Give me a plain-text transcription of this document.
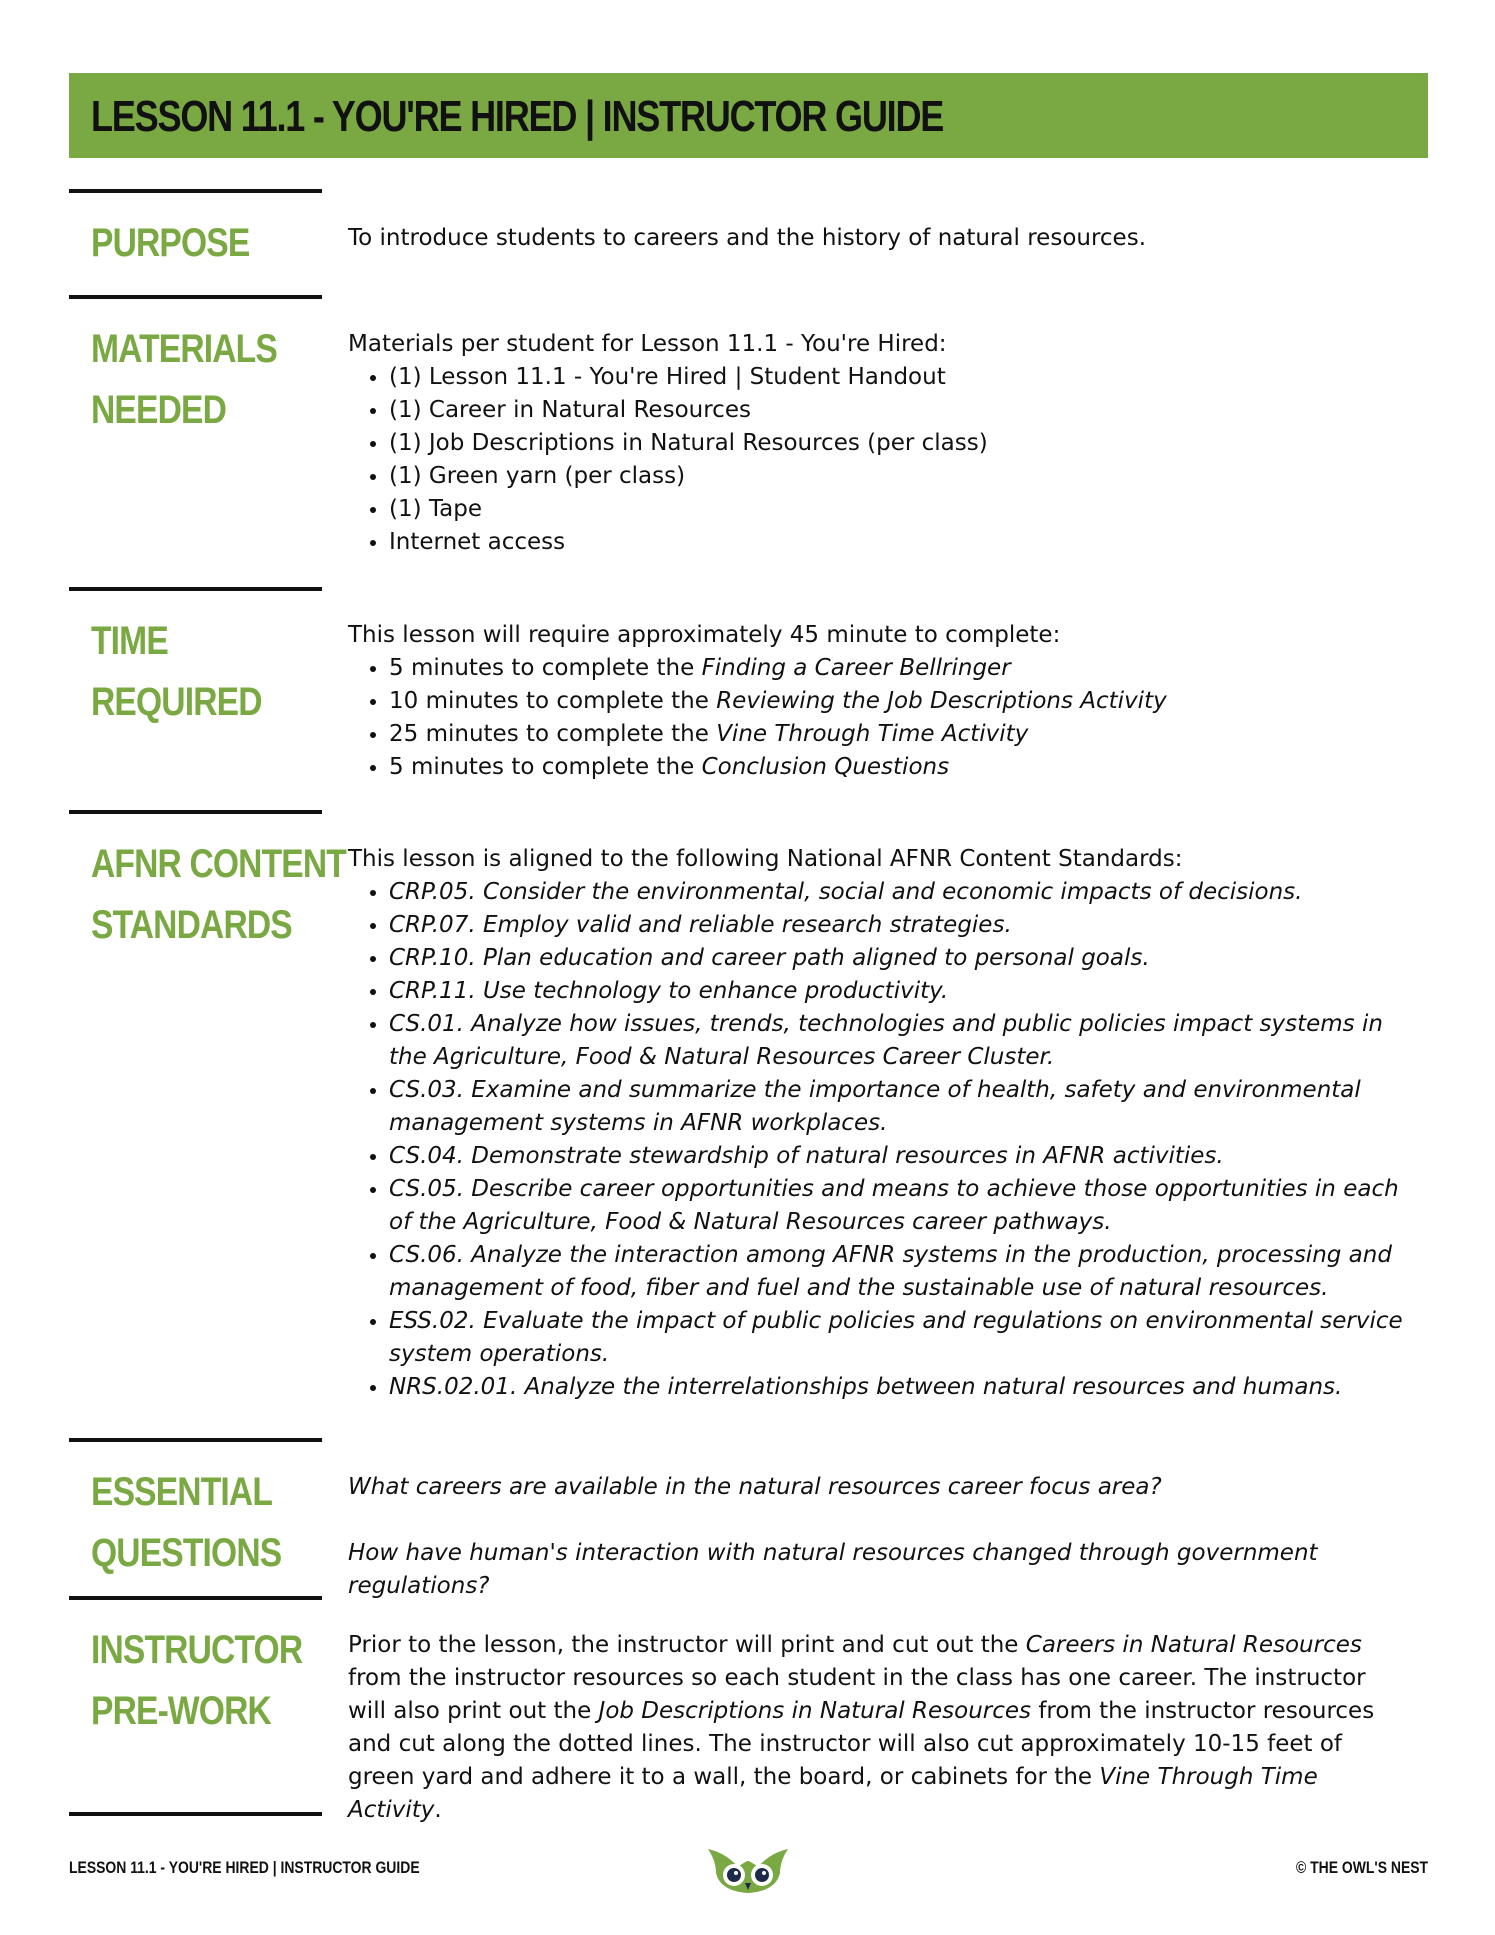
LESSON 11.1 - YOU'RE HIRED | INSTRUCTOR GUIDE
PURPOSE	To introduce students to careers and the history of natural resources.

MATERIALS
NEEDED

Materials per student for Lesson 11.1 - You're Hired:

• (1) Lesson 11.1 - You're Hired | Student Handout
• (1) Career in Natural Resources
• (1) Job Descriptions in Natural Resources (per class)
• (1) Green yarn (per class)
• (1) Tape
• Internet access
TIME
REQUIRED

This lesson will require approximately 45 minute to complete:

• 5 minutes to complete the Finding a Career Bellringer
• 10 minutes to complete the Reviewing the Job Descriptions Activity
• 25 minutes to complete the Vine Through Time Activity
• 5 minutes to complete the Conclusion Questions
AFNR CONTENT
STANDARDS

This lesson is aligned to the following National AFNR Content Standards:

• CRP.05. Consider the environmental, social and economic impacts of decisions.
• CRP.07. Employ valid and reliable research strategies.
• CRP.10. Plan education and career path aligned to personal goals.
• CRP.11. Use technology to enhance productivity.
• CS.01. Analyze how issues, trends, technologies and public policies impact systems in the Agriculture, Food & Natural Resources Career Cluster.
• CS.03. Examine and summarize the importance of health, safety and environmental management systems in AFNR workplaces.
• CS.04. Demonstrate stewardship of natural resources in AFNR activities.
• CS.05. Describe career opportunities and means to achieve those opportunities in each of the Agriculture, Food & Natural Resources career pathways.
• CS.06. Analyze the interaction among AFNR systems in the production, processing and management of food, fiber and fuel and the sustainable use of natural resources.
• ESS.02. Evaluate the impact of public policies and regulations on environmental service system operations.
• NRS.02.01. Analyze the interrelationships between natural resources and humans.
ESSENTIAL
QUESTIONS

What careers are available in the natural resources career focus area?

How have human's interaction with natural resources changed through government regulations?

INSTRUCTOR
PRE-WORK

Prior to the lesson, the instructor will print and cut out the Careers in Natural Resources from the instructor resources so each student in the class has one career. The instructor will also print out the Job Descriptions in Natural Resources from the instructor resources and cut along the dotted lines. The instructor will also cut approximately 10-15 feet of green yard and adhere it to a wall, the board, or cabinets for the Vine Through Time Activity.

LESSON 11.1 - YOU'RE HIRED | INSTRUCTOR GUIDE	© THE OWL'S NEST
